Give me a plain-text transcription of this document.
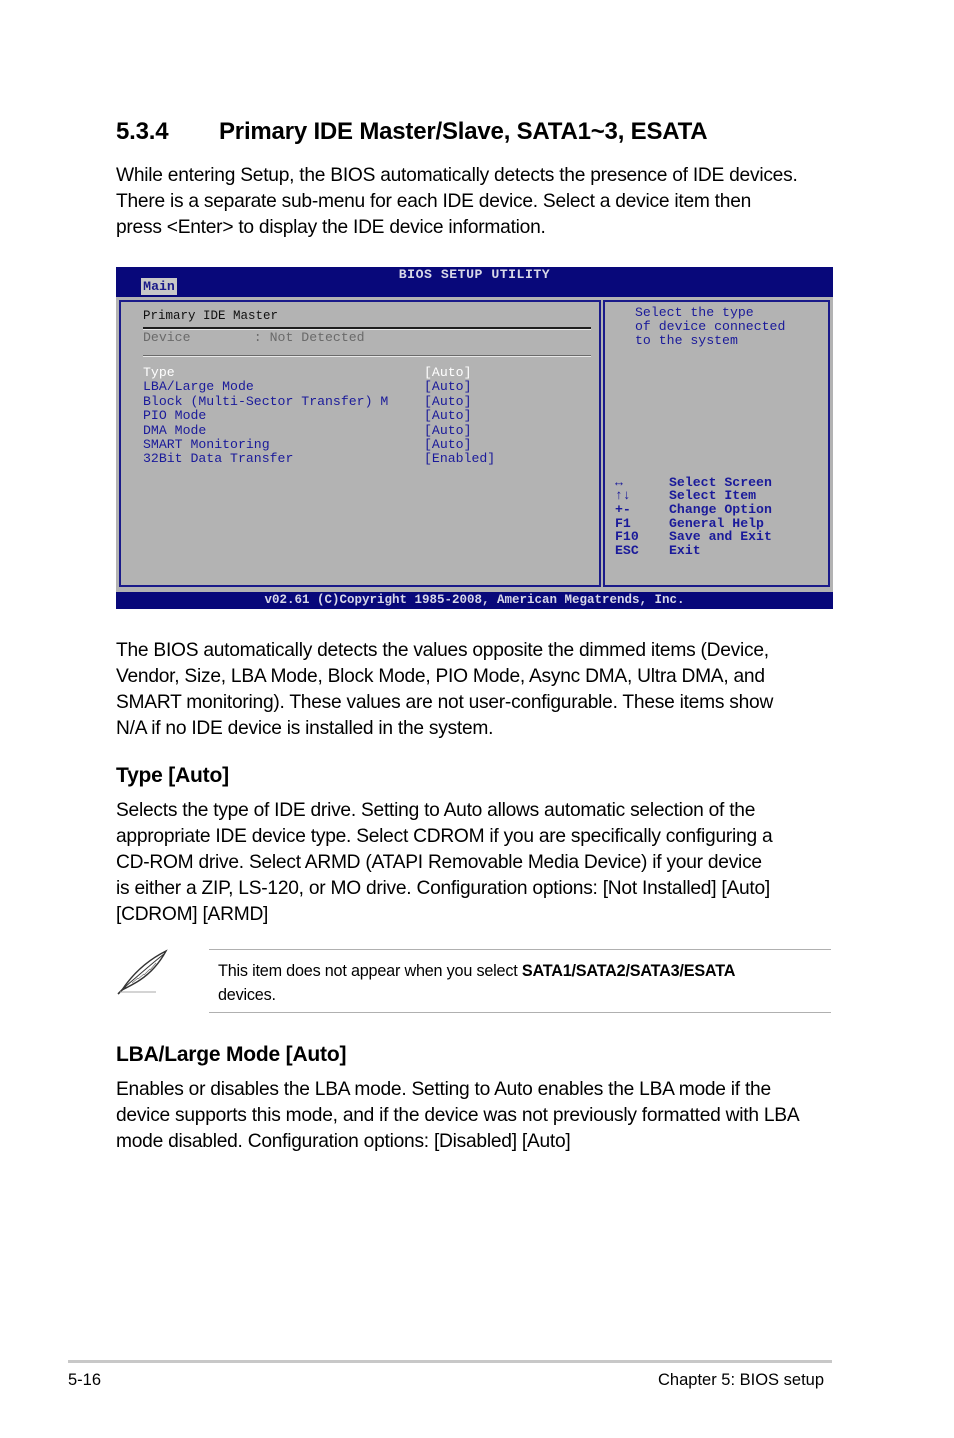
5.3.4 Primary IDE Master/Slave, SATA1~3, ESATA
While entering Setup, the BIOS automatically detects the presence of IDE devices.
There is a separate sub-menu for each IDE device. Select a device item then
press <Enter> to display the IDE device information.
BIOS SETUP UTILITY
Main
Primary IDE Master
Device        : Not Detected
Type	[Auto]
LBA/Large Mode	[Auto]
Block (Multi-Sector Transfer) M	[Auto]
PIO Mode	[Auto]
DMA Mode	[Auto]
SMART Monitoring	[Auto]
32Bit Data Transfer	[Enabled]
Select the type
of device connected
to the system
↔	Select Screen
↑↓	Select Item
+-	Change Option
F1	General Help
F10 Save and Exit
ESC Exit
v02.61 (C)Copyright 1985-2008, American Megatrends, Inc.
The BIOS automatically detects the values opposite the dimmed items (Device,
Vendor, Size, LBA Mode, Block Mode, PIO Mode, Async DMA, Ultra DMA, and
SMART monitoring). These values are not user-configurable. These items show
N/A if no IDE device is installed in the system.
Type [Auto]
Selects the type of IDE drive. Setting to Auto allows automatic selection of the
appropriate IDE device type. Select CDROM if you are specifically configuring a
CD-ROM drive. Select ARMD (ATAPI Removable Media Device) if your device
is either a ZIP, LS-120, or MO drive. Configuration options: [Not Installed] [Auto]
[CDROM] [ARMD]
This item does not appear when you select SATA1/SATA2/SATA3/ESATA
devices.
LBA/Large Mode [Auto]
Enables or disables the LBA mode. Setting to Auto enables the LBA mode if the
device supports this mode, and if the device was not previously formatted with LBA
mode disabled. Configuration options: [Disabled] [Auto]
5-16	Chapter 5: BIOS setup
